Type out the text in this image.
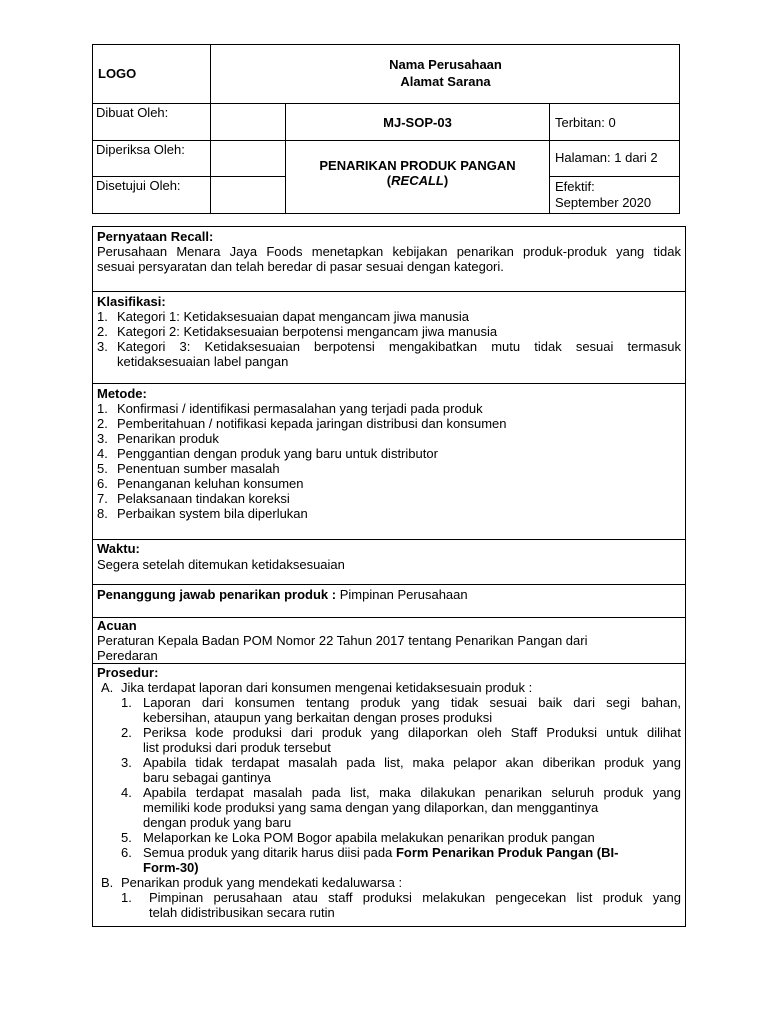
LOGO
Nama Perusahaan
Alamat Sarana
Dibuat Oleh:
Diperiksa Oleh:
Disetujui Oleh:
MJ-SOP-03
PENARIKAN PRODUK PANGAN
(RECALL)
Terbitan: 0
Halaman: 1 dari 2
Efektif:
September 2020
Pernyataan Recall:
Perusahaan Menara Jaya Foods menetapkan kebijakan penarikan produk-produk yang tidak
sesuai persyaratan dan telah beredar di pasar sesuai dengan kategori.
Klasifikasi:
1. Kategori 1: Ketidaksesuaian dapat mengancam jiwa manusia
2. Kategori 2: Ketidaksesuaian berpotensi mengancam jiwa manusia
3. Kategori 3: Ketidaksesuaian berpotensi mengakibatkan mutu tidak sesuai termasuk
ketidaksesuaian label pangan
Metode:
1. Konfirmasi / identifikasi permasalahan yang terjadi pada produk
2. Pemberitahuan / notifikasi kepada jaringan distribusi dan konsumen
3. Penarikan produk
4. Penggantian dengan produk yang baru untuk distributor
5. Penentuan sumber masalah
6. Penanganan keluhan konsumen
7. Pelaksanaan tindakan koreksi
8. Perbaikan system bila diperlukan
Waktu:
Segera setelah ditemukan ketidaksesuaian
Penanggung jawab penarikan produk : Pimpinan Perusahaan
Acuan
Peraturan Kepala Badan POM Nomor 22 Tahun 2017 tentang Penarikan Pangan dari
Peredaran
Prosedur:
A. Jika terdapat laporan dari konsumen mengenai ketidaksesuain produk :
1. Laporan dari konsumen tentang produk yang tidak sesuai baik dari segi bahan,
kebersihan, ataupun yang berkaitan dengan proses produksi
2. Periksa kode produksi dari produk yang dilaporkan oleh Staff Produksi untuk dilihat
list produksi dari produk tersebut
3. Apabila tidak terdapat masalah pada list, maka pelapor akan diberikan produk yang
baru sebagai gantinya
4. Apabila terdapat masalah pada list, maka dilakukan penarikan seluruh produk yang
memiliki kode produksi yang sama dengan yang dilaporkan, dan menggantinya
dengan produk yang baru
5. Melaporkan ke Loka POM Bogor apabila melakukan penarikan produk pangan
6. Semua produk yang ditarik harus diisi pada Form Penarikan Produk Pangan (BI-
Form-30)
B. Penarikan produk yang mendekati kedaluwarsa :
1. Pimpinan perusahaan atau staff produksi melakukan pengecekan list produk yang
telah didistribusikan secara rutin
